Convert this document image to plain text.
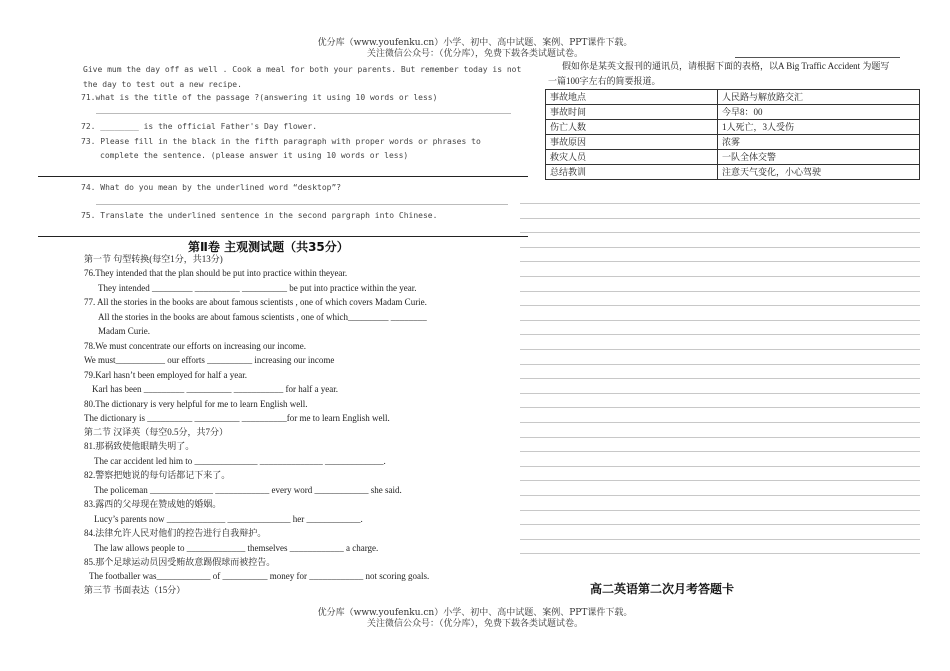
优分库（www.youfenku.cn）小学、初中、高中试题、案例、PPT课件下载。
关注微信公众号：（优分库），免费下载各类试题试卷。
Give mum the day off as well . Cook a meal for both your parents. But remember today is not
the day to test out a new recipe.
71.what is the title of the passage ?(answering it using 10 words or less)
72. ________ is the official Father's Day flower.
73. Please fill in the black in the fifth paragraph with proper words or phrases to
complete the sentence. (please answer it using 10 words or less)
74. What do you mean by the underlined word “desktop”?
75. Translate the underlined sentence in the second pargraph into Chinese.
第Ⅱ卷 主观测试题（共35分）
第一节 句型转换(每空1分，共13分)
76.They intended that the plan should be put into practice within theyear.
They intended _________ __________ __________ be put into practice within the year.
77. All the stories in the books are about famous scientists , one of which covers Madam Curie.
All the stories in the books are about famous scientists , one of which_________ ________
Madam Curie.
78.We must concentrate our efforts on increasing our income.
We must___________ our efforts __________ increasing our income
79.Karl hasn’t been employed for half a year.
Karl has been _________ __________ ___________ for half a year.
80.The dictionary is very helpful for me to learn English well.
The dictionary is __________ __________ __________for me to learn English well.
第二节 汉译英（每空0.5分，共7分）
81.那祸致使他眼睛失明了。
The car accident led him to ______________ ______________ _____________.
82.警察把她说的每句话都记下来了。
The policeman ______________ ____________ every word ____________ she said.
83.露西的父母现在赞成她的婚姻。
Lucy’s parents now _____________ ______________ her ____________.
84.法律允许人民对他们的控告进行自我辩护。
The law allows people to _____________ themselves ____________ a charge.
85.那个足球运动员因受贿故意踢假球而被控告。
The footballer was____________ of __________ money for ____________ not scoring goals.
第三节 书面表达（15分）
假如你是某英文报刊的通讯员，请根据下面的表格，以A Big Traffic Accident 为题写
一篇100字左右的简要报道。
事故地点	人民路与解放路交汇
事故时间	今早8：00
伤亡人数	1人死亡，3人受伤
事故原因	浓雾
救灾人员	一队全体交警
总结教训	注意天气变化，小心驾驶
高二英语第二次月考答题卡
优分库（www.youfenku.cn）小学、初中、高中试题、案例、PPT课件下载。
关注微信公众号：（优分库），免费下载各类试题试卷。
